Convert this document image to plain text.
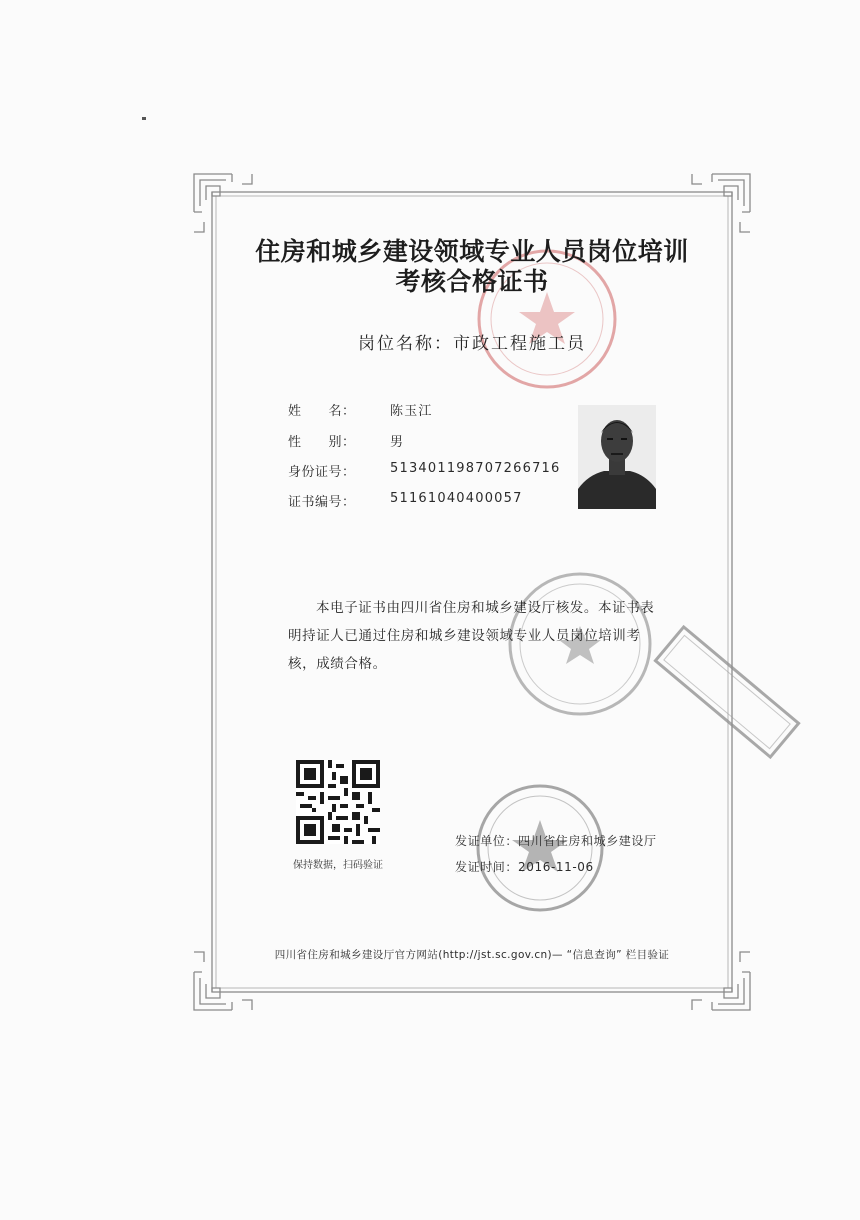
住房和城乡建设领域专业人员岗位培训
考核合格证书
岗位名称：市政工程施工员
姓　　名：	陈玉江
性　　别：	男
身份证号：	513401198707266716
证书编号：	51161040400057
本电子证书由四川省住房和城乡建设厅核发。本证书表明持证人已通过住房和城乡建设领域专业人员岗位培训考核，成绩合格。
保持数据，扫码验证
发证单位：四川省住房和城乡建设厅
发证时间：2016-11-06
四川省住房和城乡建设厅官方网站(http://jst.sc.gov.cn)— “信息查询” 栏目验证
